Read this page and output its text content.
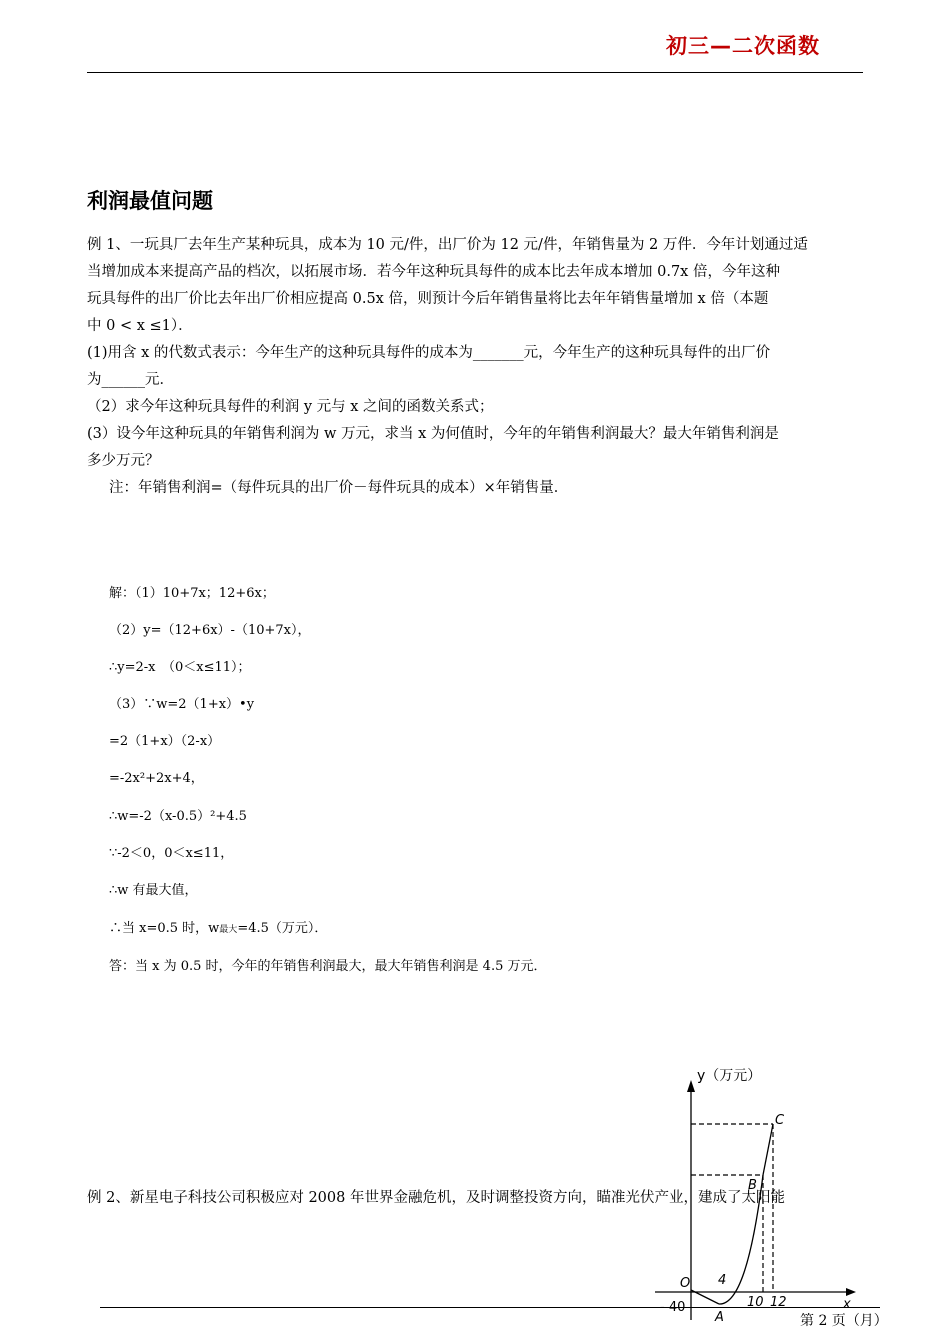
初三—二次函数
利润最值问题
例 1、一玩具厂去年生产某种玩具，成本为 10 元/件，出厂价为 12 元/件，年销售量为 2 万件．今年计划通过适
当增加成本来提高产品的档次，以拓展市场．若今年这种玩具每件的成本比去年成本增加 0.7x 倍，今年这种
玩具每件的出厂价比去年出厂价相应提高 0.5x 倍，则预计今后年销售量将比去年年销售量增加 x 倍（本题
中 0 < x ≤1）．
(1)用含 x 的代数式表示：今年生产的这种玩具每件的成本为_______元，今年生产的这种玩具每件的出厂价
为______元．
（2）求今年这种玩具每件的利润 y 元与 x 之间的函数关系式；
(3）设今年这种玩具的年销售利润为 w 万元，求当 x 为何值时，今年的年销售利润最大？最大年销售利润是
多少万元？
注：年销售利润=（每件玩具的出厂价－每件玩具的成本）×年销售量．
解：（1）10+7x；12+6x；
（2）y=（12+6x）-（10+7x），
∴y=2-x　（0＜x≤11）；
（3）∵w=2（1+x）•y
=2（1+x）（2-x）
=-2x²+2x+4，
∴w=-2（x-0.5）²+4.5
∵-2＜0，0＜x≤11，
∴w 有最大值，
∴当 x=0.5 时，w最大=4.5（万元）．
答：当 x 为 0.5 时，今年的年销售利润最大，最大年销售利润是 4.5 万元．
例 2、新星电子科技公司积极应对 2008 年世界金融危机，及时调整投资方向，瞄准光伏产业，建成了太阳能
y（万元）
x
O 4
10 12
- 40
A
B
C
第 2 页（月）
